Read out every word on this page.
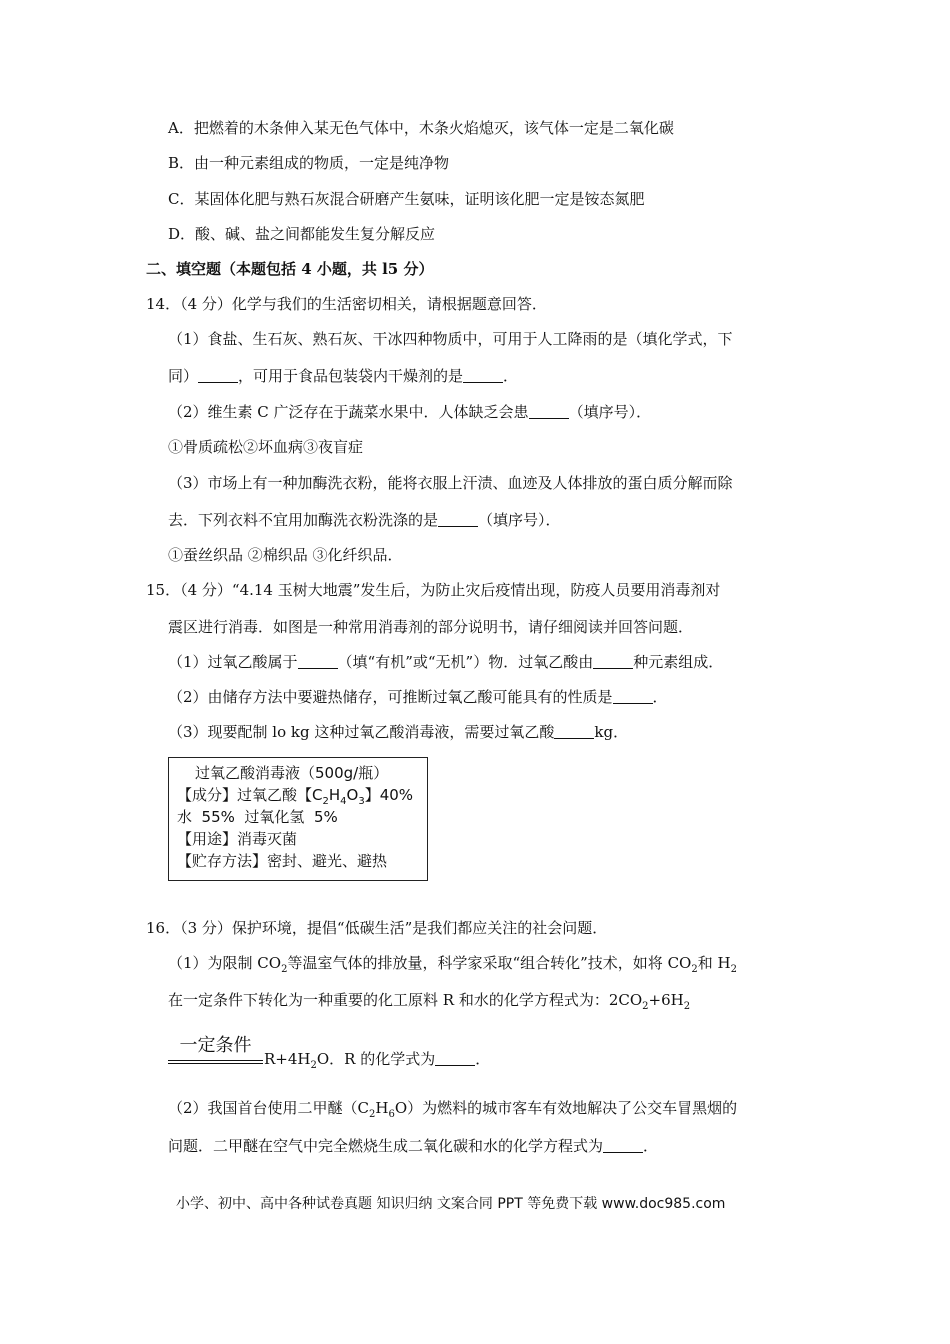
A．把燃着的木条伸入某无色气体中，木条火焰熄灭，该气体一定是二氧化碳
B．由一种元素组成的物质，一定是纯净物
C．某固体化肥与熟石灰混合研磨产生氨味，证明该化肥一定是铵态氮肥
D．酸、碱、盐之间都能发生复分解反应
二、填空题（本题包括 4 小题，共 l5 分）
14．（4 分）化学与我们的生活密切相关，请根据题意回答．
（1）食盐、生石灰、熟石灰、干冰四种物质中，可用于人工降雨的是（填化学式，下
同）	，可用于食品包装袋内干燥剂的是	．
（2）维生素 C 广泛存在于蔬菜水果中．人体缺乏会患	（填序号）．
①骨质疏松②坏血病③夜盲症
（3）市场上有一种加酶洗衣粉，能将衣服上汗渍、血迹及人体排放的蛋白质分解而除
去．下列衣料不宜用加酶洗衣粉洗涤的是	（填序号）．
①蚕丝织品 ②棉织品 ③化纤织品．
15．（4 分）“4.14 玉树大地震”发生后，为防止灾后疫情出现，防疫人员要用消毒剂对
震区进行消毒．如图是一种常用消毒剂的部分说明书，请仔细阅读并回答问题．
（1）过氧乙酸属于	（填“有机”或“无机”）物．过氧乙酸由	种元素组成．
（2）由储存方法中要避热储存，可推断过氧乙酸可能具有的性质是	．
（3）现要配制 lo kg 这种过氧乙酸消毒液，需要过氧乙酸	kg．
过氧乙酸消毒液（500g/瓶）
【成分】过氧乙酸【$C_2H_4O_3$】40%
水  55%  过氧化氢  5%
【用途】消毒灭菌
【贮存方法】密封、避光、避热
16．（3 分）保护环境，提倡“低碳生活”是我们都应关注的社会问题．
（1）为限制 $CO_2$等温室气体的排放量，科学家采取“组合转化”技术，如将 $CO_2$和 $H_2$
在一定条件下转化为一种重要的化工原料 R 和水的化学方程式为：$2CO_2+6H_2$
一定条件
$R+4H_2O$．R 的化学式为	．
（2）我国首台使用二甲醚$(C_2H_6O)$为燃料的城市客车有效地解决了公交车冒黑烟的
问题．二甲醚在空气中完全燃烧生成二氧化碳和水的化学方程式为	．
小学、初中、高中各种试卷真题 知识归纳 文案合同 PPT 等免费下载 www.doc985.com
